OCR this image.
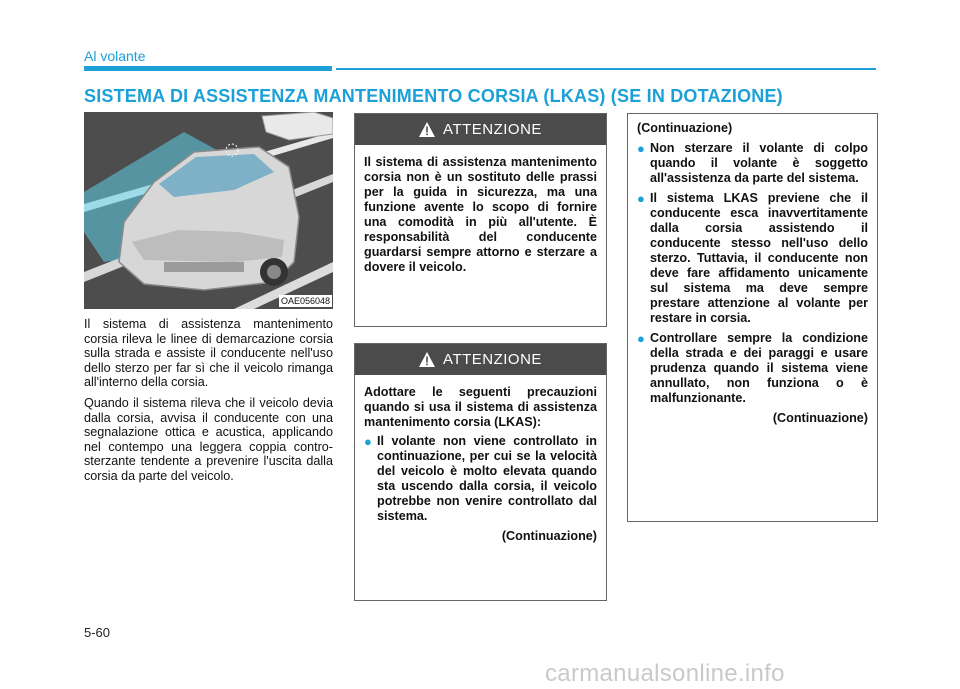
Al volante
SISTEMA DI ASSISTENZA MANTENIMENTO CORSIA (LKAS) (SE IN DOTAZIONE)
OAE056048

Il sistema di assistenza mantenimento corsia rileva le linee di demarcazione corsia sulla strada e assiste il conducente nell'uso dello sterzo per far sì che il veicolo rimanga all'interno della corsia.

Quando il sistema rileva che il veicolo devia dalla corsia, avvisa il conducente con una segnalazione ottica e acustica, applicando nel contempo una leggera coppia contro-sterzante tendente a prevenire l'uscita dalla corsia da parte del veicolo.

ATTENZIONE

Il sistema di assistenza mantenimento corsia non è un sostituto delle prassi per la guida in sicurezza, ma una funzione avente lo scopo di fornire una comodità in più all'utente. È responsabilità del conducente guardarsi sempre attorno e sterzare a dovere il veicolo.

ATTENZIONE

Adottare le seguenti precauzioni quando si usa il sistema di assistenza mantenimento corsia (LKAS):

● Il volante non viene controllato in continuazione, per cui se la velocità del veicolo è molto elevata quando sta uscendo dalla corsia, il veicolo potrebbe non venire controllato dal sistema.
(Continuazione)
(Continuazione)
● Non sterzare il volante di colpo quando il volante è soggetto all'assistenza da parte del sistema.
● Il sistema LKAS previene che il conducente esca inavvertitamente dalla corsia assistendo il conducente stesso nell'uso dello sterzo. Tuttavia, il conducente non deve fare affidamento unicamente sul sistema ma deve sempre prestare attenzione al volante per restare in corsia.
● Controllare sempre la condizione della strada e dei paraggi e usare prudenza quando il sistema viene annullato, non funziona o è malfunzionante.
(Continuazione)
5-60
carmanualsonline.info
